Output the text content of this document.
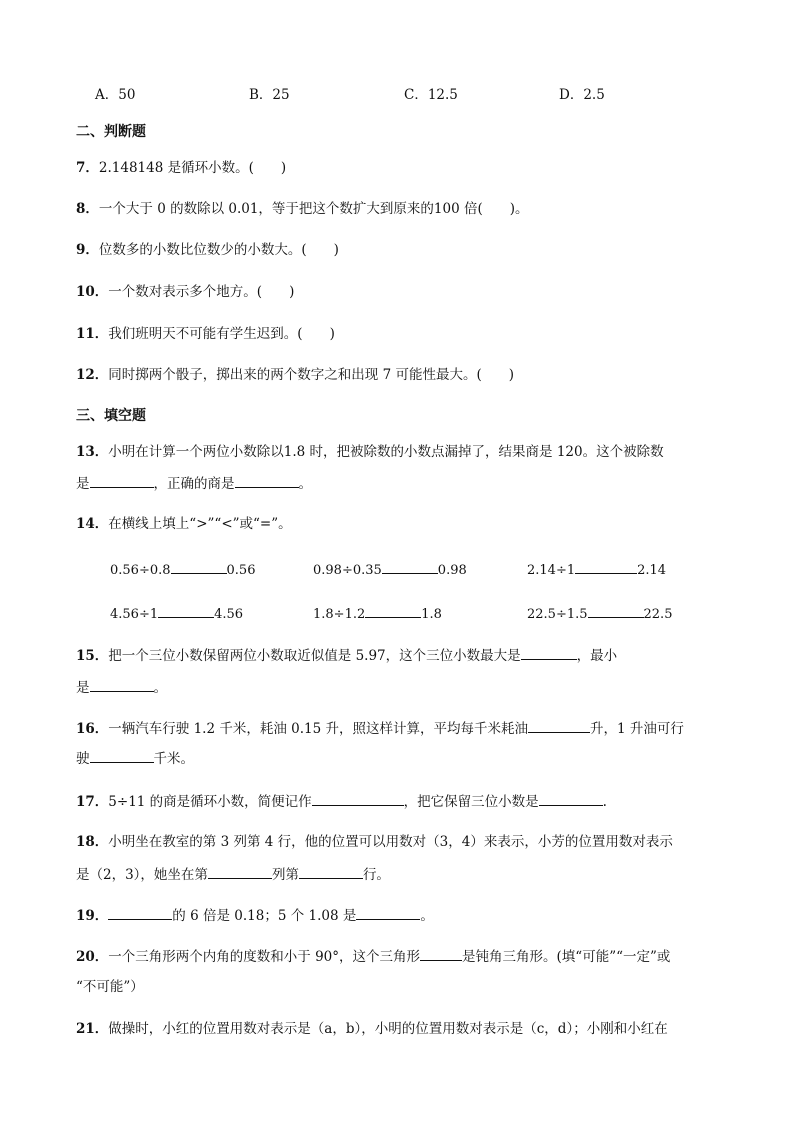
A．50	B．25	C．12.5	D．2.5
二、判断题
7．2.148148 是循环小数。(　　)
8．一个大于 0 的数除以 0.01，等于把这个数扩大到原来的100 倍(　　)。
9．位数多的小数比位数少的小数大。(　　)
10．一个数对表示多个地方。(　　)
11．我们班明天不可能有学生迟到。(　　)
12．同时掷两个骰子，掷出来的两个数字之和出现 7 可能性最大。(　　)
三、填空题
13．小明在计算一个两位小数除以1.8 时，把被除数的小数点漏掉了，结果商是 120。这个被除数
是	，正确的商是	。
14．在横线上填上“>”“<”或“=”。
0.56÷0.8	0.56	0.98÷0.35	0.98	2.14÷1	2.14
4.56÷1	4.56	1.8÷1.2	1.8	22.5÷1.5	22.5
15．把一个三位小数保留两位小数取近似值是 5.97，这个三位小数最大是	，最小
是	。
16．一辆汽车行驶 1.2 千米，耗油 0.15 升，照这样计算，平均每千米耗油	升，1 升油可行
驶	千米。
17．5÷11 的商是循环小数，简便记作	，把它保留三位小数是	.
18．小明坐在教室的第 3 列第 4 行，他的位置可以用数对（3，4）来表示，小芳的位置用数对表示
是（2，3），她坐在第	列第	行。
19．	的 6 倍是 0.18；5 个 1.08 是	。
20．一个三角形两个内角的度数和小于 90°，这个三角形	是钝角三角形。(填“可能”“一定”或
“不可能”）
21．做操时，小红的位置用数对表示是（a，b），小明的位置用数对表示是（c，d）；小刚和小红在
